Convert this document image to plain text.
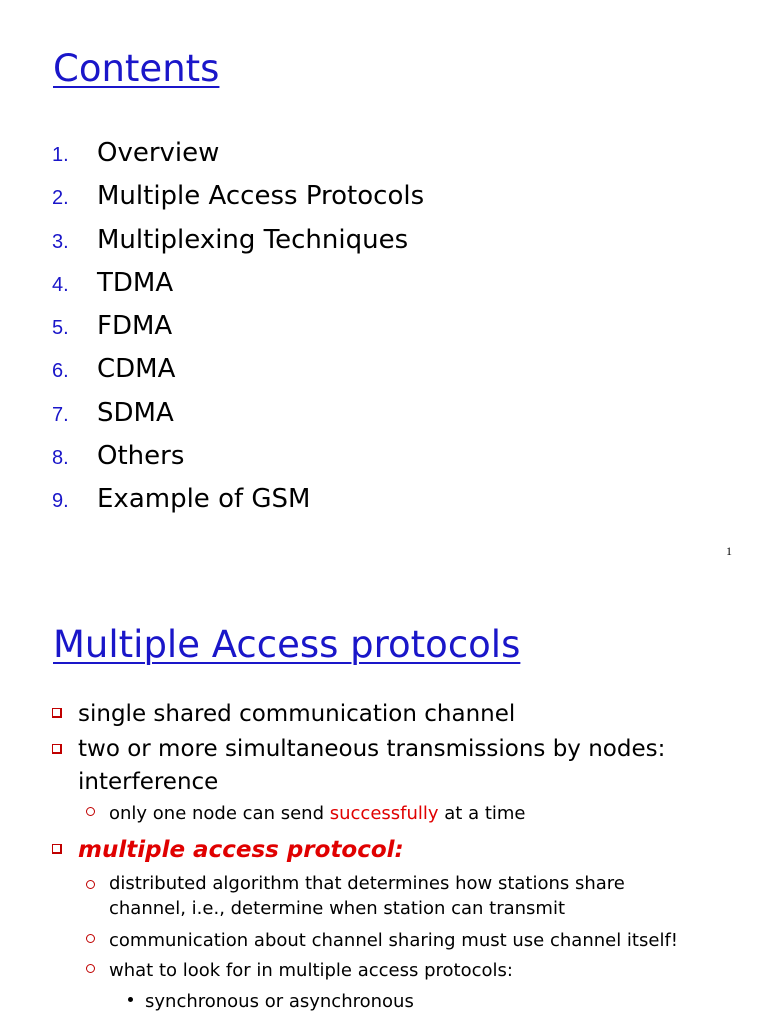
Contents
1.	Overview
2.	Multiple Access Protocols
3.	Multiplexing Techniques
4.	TDMA
5.	FDMA
6.	CDMA
7.	SDMA
8.	Others
9.	Example of GSM
1
Multiple Access protocols
single shared communication channel
two or more simultaneous transmissions by nodes:
interference
only one node can send successfully at a time
multiple access protocol:
distributed algorithm that determines how stations share
channel, i.e., determine when station can transmit
communication about channel sharing must use channel itself!
what to look for in multiple access protocols:
synchronous or asynchronous
